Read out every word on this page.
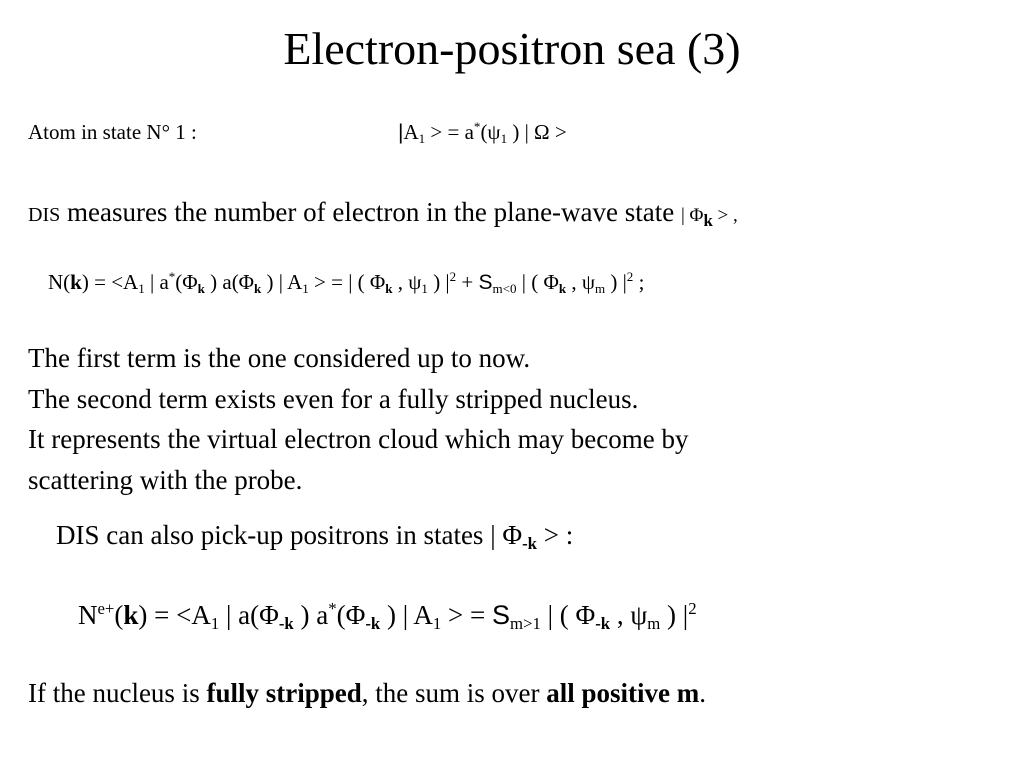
Electron-positron sea (3)
Atom in state N° 1 :	$|A_1$ > = $a^*(\psi_1$ ) | Ω >
DIS measures the number of electron in the plane-wave state | $\Phi_k$ > ,
$N(k) = <A_1$ | $a^*(\Phi_k$ ) $a(\Phi_k$ ) | $A_1$ > = | ( $\Phi_k$ , $\psi_1$ ) $|^2 + S_{m<0}$ | ( $\Phi_k$ , $\psi_m$ ) $|^2$ ;
The first term is the one considered up to now.
The second term exists even for a fully stripped nucleus.
It represents the virtual electron cloud which may become by
scattering with the probe.
DIS can also pick-up positrons in states | $\Phi_{-k}$ > :
$N^{e+}(k) = <A_1$ | $a(\Phi_{-k}$ ) $a^*(\Phi_{-k}$ ) | $A_1$ > = $S_{m>1}$ | ( $\Phi_{-k}$ , $\psi_m$ ) $|^2$
If the nucleus is fully stripped, the sum is over all positive m.
